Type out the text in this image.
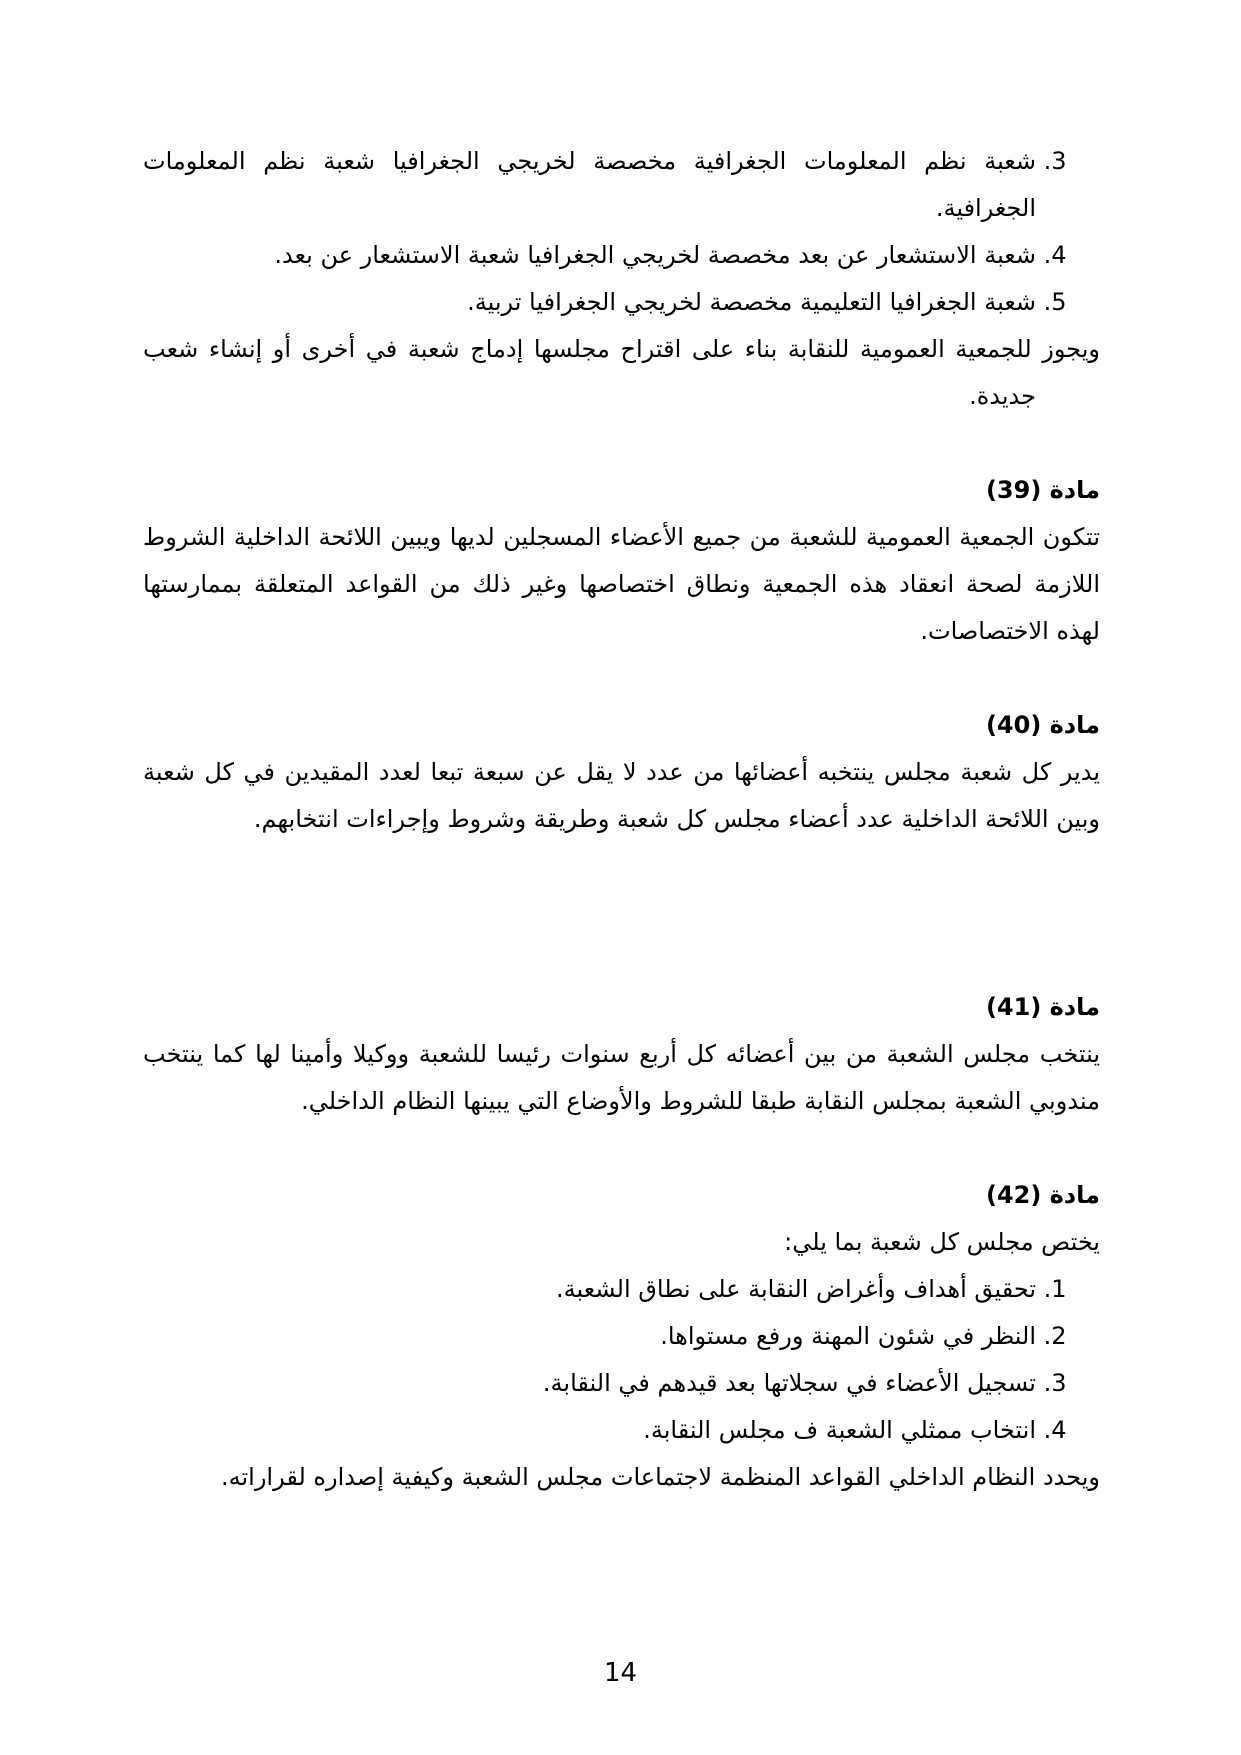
3. شعبة نظم المعلومات الجغرافية مخصصة لخريجي الجغرافيا شعبة نظم المعلومات الجغرافية.
4. شعبة الاستشعار عن بعد مخصصة لخريجي الجغرافيا شعبة الاستشعار عن بعد.
5. شعبة الجغرافيا التعليمية مخصصة لخريجي الجغرافيا تربية.

ويجوز للجمعية العمومية للنقابة بناء على اقتراح مجلسها إدماج شعبة في أخرى أو إنشاء شعب جديدة.

مادة (39)

تتكون الجمعية العمومية للشعبة من جميع الأعضاء المسجلين لديها ويبين اللائحة الداخلية الشروط اللازمة لصحة انعقاد هذه الجمعية ونطاق اختصاصها وغير ذلك من القواعد المتعلقة بممارستها لهذه الاختصاصات.

مادة (40)

يدير كل شعبة مجلس ينتخبه أعضائها من عدد لا يقل عن سبعة تبعا لعدد المقيدين في كل شعبة وبين اللائحة الداخلية عدد أعضاء مجلس كل شعبة وطريقة وشروط وإجراءات انتخابهم.

مادة (41)

ينتخب مجلس الشعبة من بين أعضائه كل أربع سنوات رئيسا للشعبة ووكيلا وأمينا لها كما ينتخب مندوبي الشعبة بمجلس النقابة طبقا للشروط والأوضاع التي يبينها النظام الداخلي.

مادة (42)

يختص مجلس كل شعبة بما يلي:

1. تحقيق أهداف وأغراض النقابة على نطاق الشعبة.
2. النظر في شئون المهنة ورفع مستواها.
3. تسجيل الأعضاء في سجلاتها بعد قيدهم في النقابة.
4. انتخاب ممثلي الشعبة ف مجلس النقابة.

ويحدد النظام الداخلي القواعد المنظمة لاجتماعات مجلس الشعبة وكيفية إصداره لقراراته.

14
